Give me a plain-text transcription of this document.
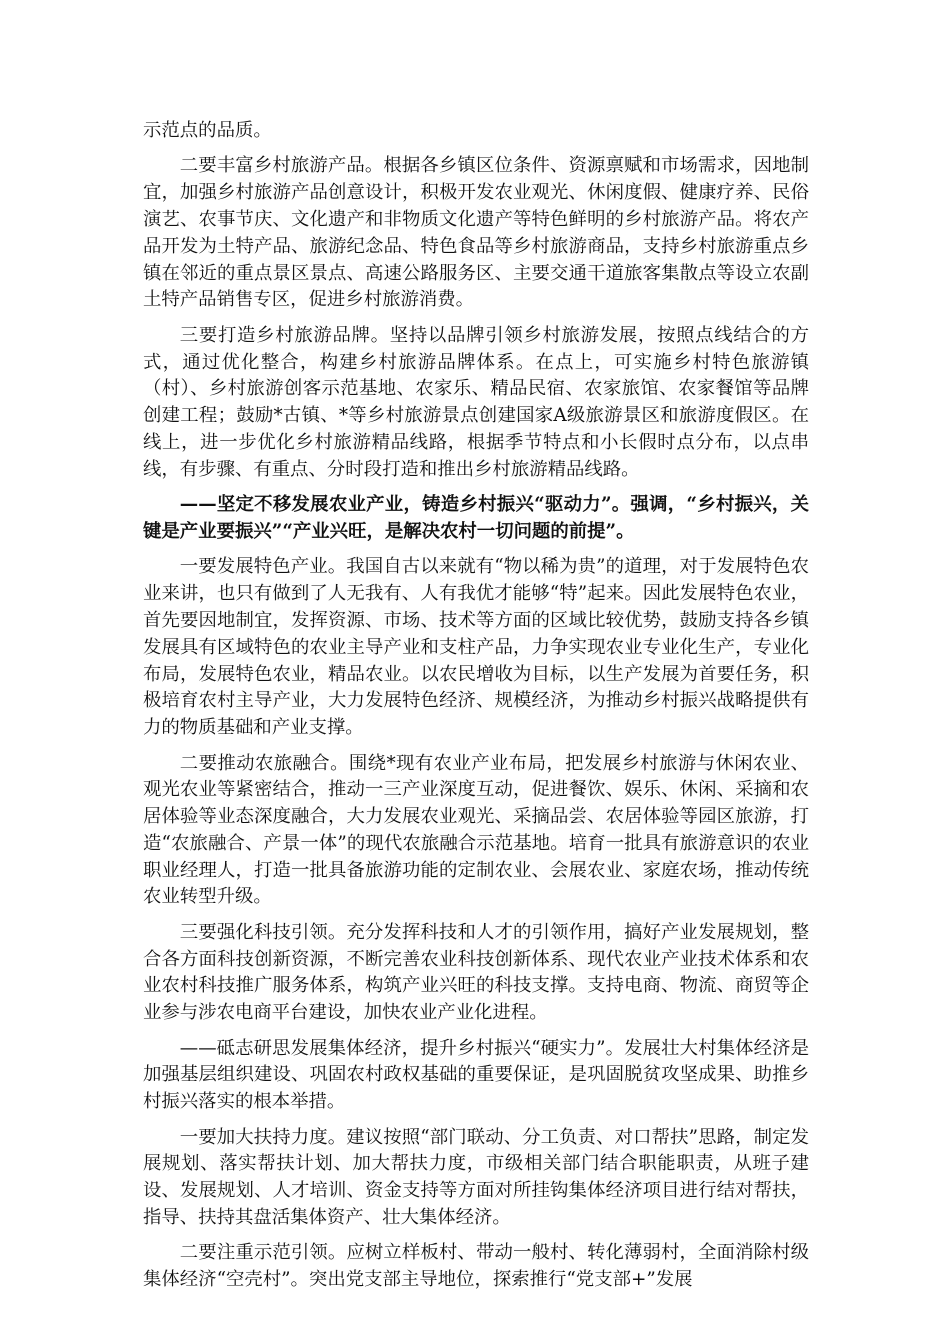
示范点的品质。

二要丰富乡村旅游产品。根据各乡镇区位条件、资源禀赋和市场需求，因地制宜，加强乡村旅游产品创意设计，积极开发农业观光、休闲度假、健康疗养、民俗演艺、农事节庆、文化遗产和非物质文化遗产等特色鲜明的乡村旅游产品。将农产品开发为土特产品、旅游纪念品、特色食品等乡村旅游商品，支持乡村旅游重点乡镇在邻近的重点景区景点、高速公路服务区、主要交通干道旅客集散点等设立农副土特产品销售专区，促进乡村旅游消费。

三要打造乡村旅游品牌。坚持以品牌引领乡村旅游发展，按照点线结合的方式，通过优化整合，构建乡村旅游品牌体系。在点上，可实施乡村特色旅游镇（村）、乡村旅游创客示范基地、农家乐、精品民宿、农家旅馆、农家餐馆等品牌创建工程；鼓励*古镇、*等乡村旅游景点创建国家A级旅游景区和旅游度假区。在线上，进一步优化乡村旅游精品线路，根据季节特点和小长假时点分布，以点串线，有步骤、有重点、分时段打造和推出乡村旅游精品线路。

——坚定不移发展农业产业，铸造乡村振兴“驱动力”。强调，“乡村振兴，关键是产业要振兴”“产业兴旺，是解决农村一切问题的前提”。

一要发展特色产业。我国自古以来就有“物以稀为贵”的道理，对于发展特色农业来讲，也只有做到了人无我有、人有我优才能够“特”起来。因此发展特色农业，首先要因地制宜，发挥资源、市场、技术等方面的区域比较优势，鼓励支持各乡镇发展具有区域特色的农业主导产业和支柱产品，力争实现农业专业化生产，专业化布局，发展特色农业，精品农业。以农民增收为目标，以生产发展为首要任务，积极培育农村主导产业，大力发展特色经济、规模经济，为推动乡村振兴战略提供有力的物质基础和产业支撑。

二要推动农旅融合。围绕*现有农业产业布局，把发展乡村旅游与休闲农业、观光农业等紧密结合，推动一三产业深度互动，促进餐饮、娱乐、休闲、采摘和农居体验等业态深度融合，大力发展农业观光、采摘品尝、农居体验等园区旅游，打造“农旅融合、产景一体”的现代农旅融合示范基地。培育一批具有旅游意识的农业职业经理人，打造一批具备旅游功能的定制农业、会展农业、家庭农场，推动传统农业转型升级。

三要强化科技引领。充分发挥科技和人才的引领作用，搞好产业发展规划，整合各方面科技创新资源，不断完善农业科技创新体系、现代农业产业技术体系和农业农村科技推广服务体系，构筑产业兴旺的科技支撑。支持电商、物流、商贸等企业参与涉农电商平台建设，加快农业产业化进程。

——砥志研思发展集体经济，提升乡村振兴“硬实力”。发展壮大村集体经济是加强基层组织建设、巩固农村政权基础的重要保证，是巩固脱贫攻坚成果、助推乡村振兴落实的根本举措。

一要加大扶持力度。建议按照“部门联动、分工负责、对口帮扶”思路，制定发展规划、落实帮扶计划、加大帮扶力度，市级相关部门结合职能职责，从班子建设、发展规划、人才培训、资金支持等方面对所挂钩集体经济项目进行结对帮扶，指导、扶持其盘活集体资产、壮大集体经济。

二要注重示范引领。应树立样板村、带动一般村、转化薄弱村，全面消除村级集体经济“空壳村”。突出党支部主导地位，探索推行“党支部+”发展
